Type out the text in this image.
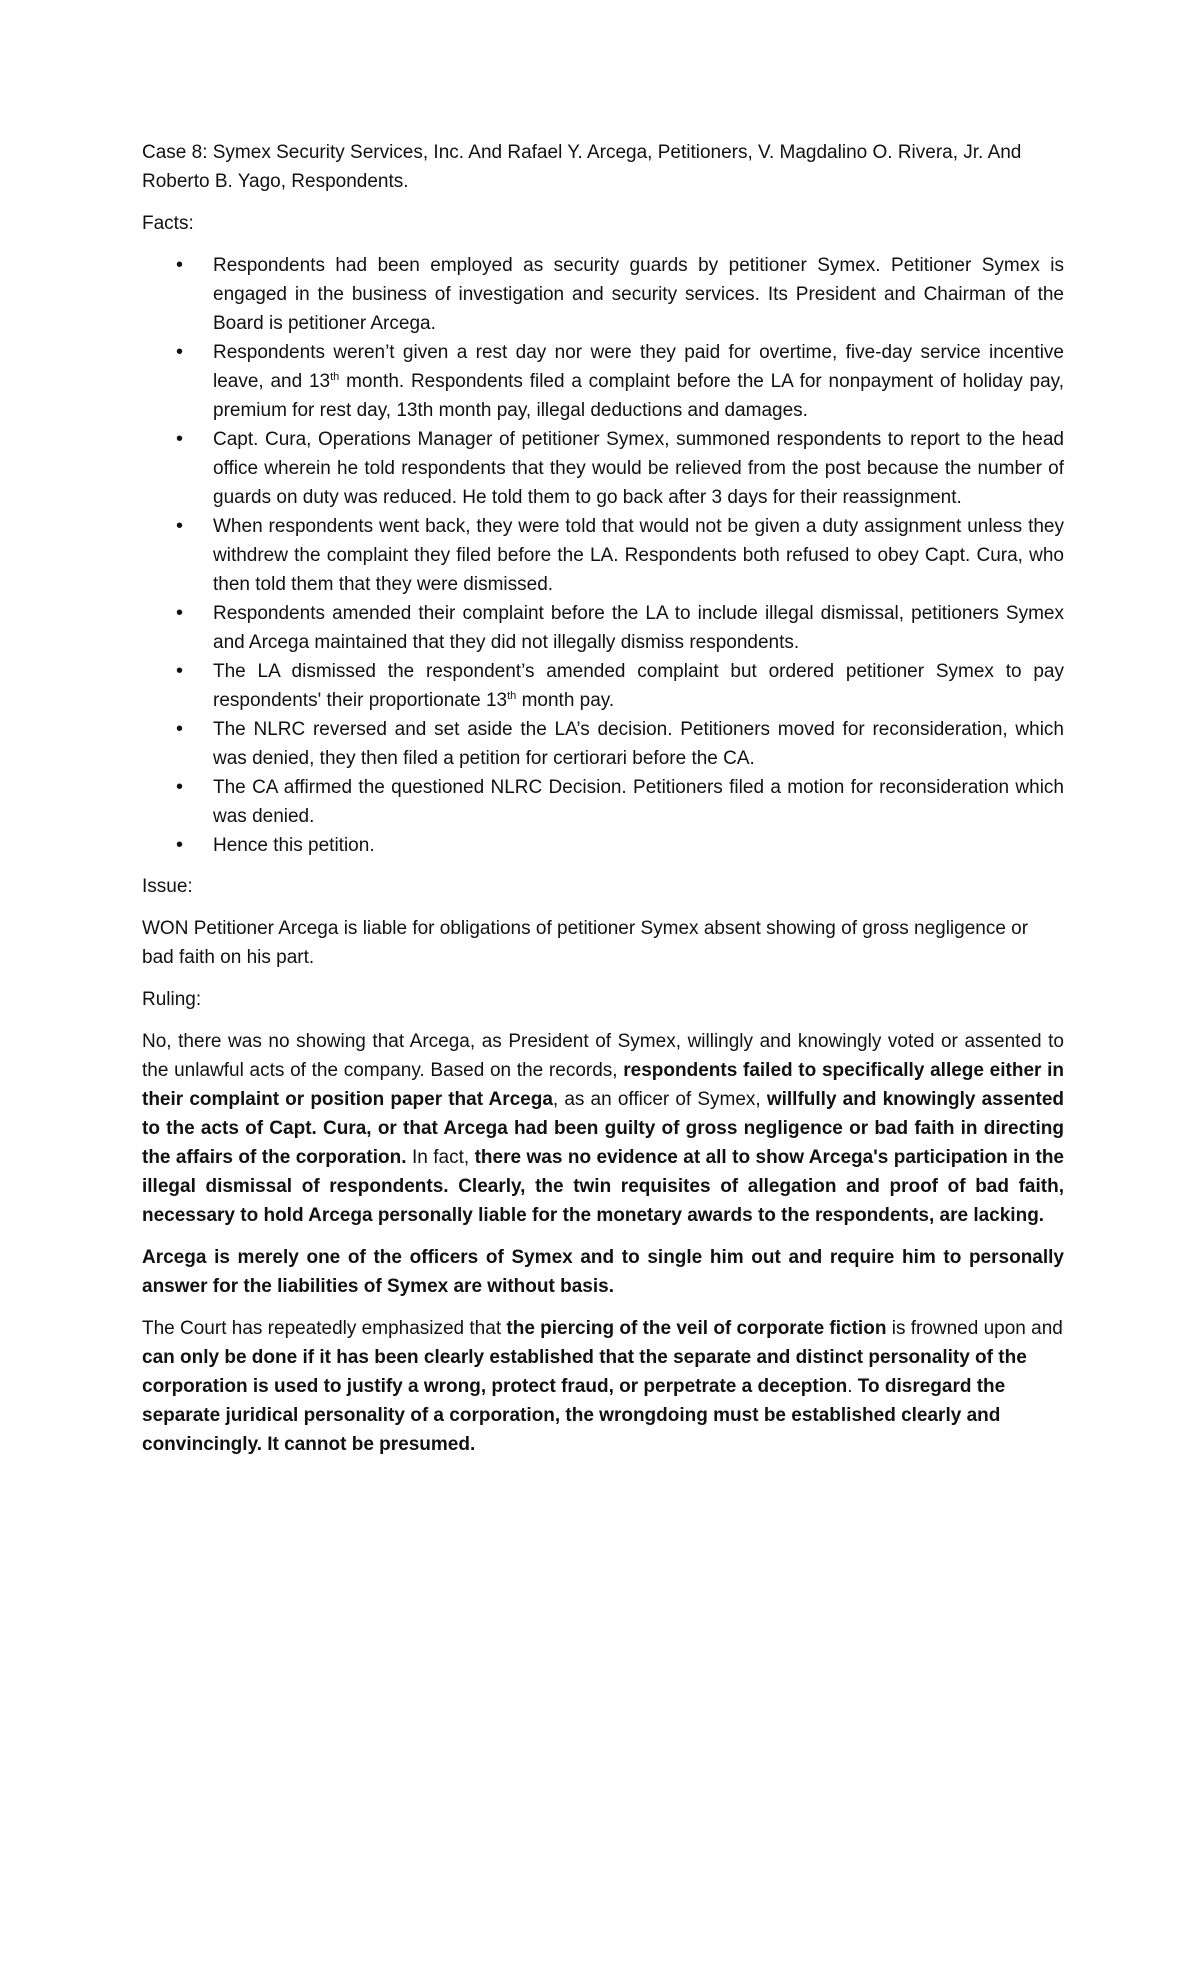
Case 8: Symex Security Services, Inc. And Rafael Y. Arcega, Petitioners, V. Magdalino O. Rivera, Jr. And Roberto B. Yago, Respondents.

Facts:
• Respondents had been employed as security guards by petitioner Symex. Petitioner Symex is engaged in the business of investigation and security services. Its President and Chairman of the Board is petitioner Arcega.
• Respondents weren’t given a rest day nor were they paid for overtime, five-day service incentive leave, and 13th month. Respondents filed a complaint before the LA for nonpayment of holiday pay, premium for rest day, 13th month pay, illegal deductions and damages.
• Capt. Cura, Operations Manager of petitioner Symex, summoned respondents to report to the head office wherein he told respondents that they would be relieved from the post because the number of guards on duty was reduced. He told them to go back after 3 days for their reassignment.
• When respondents went back, they were told that would not be given a duty assignment unless they withdrew the complaint they filed before the LA. Respondents both refused to obey Capt. Cura, who then told them that they were dismissed.
• Respondents amended their complaint before the LA to include illegal dismissal, petitioners Symex and Arcega maintained that they did not illegally dismiss respondents.
• The LA dismissed the respondent’s amended complaint but ordered petitioner Symex to pay respondents' their proportionate 13th month pay.
• The NLRC reversed and set aside the LA’s decision. Petitioners moved for reconsideration, which was denied, they then filed a petition for certiorari before the CA.
• The CA affirmed the questioned NLRC Decision. Petitioners filed a motion for reconsideration which was denied.
• Hence this petition.
Issue:

WON Petitioner Arcega is liable for obligations of petitioner Symex absent showing of gross negligence or bad faith on his part.

Ruling:

No, there was no showing that Arcega, as President of Symex, willingly and knowingly voted or assented to the unlawful acts of the company. Based on the records, respondents failed to specifically allege either in their complaint or position paper that Arcega, as an officer of Symex, willfully and knowingly assented to the acts of Capt. Cura, or that Arcega had been guilty of gross negligence or bad faith in directing the affairs of the corporation. In fact, there was no evidence at all to show Arcega's participation in the illegal dismissal of respondents. Clearly, the twin requisites of allegation and proof of bad faith, necessary to hold Arcega personally liable for the monetary awards to the respondents, are lacking.

Arcega is merely one of the officers of Symex and to single him out and require him to personally answer for the liabilities of Symex are without basis.

The Court has repeatedly emphasized that the piercing of the veil of corporate fiction is frowned upon and can only be done if it has been clearly established that the separate and distinct personality of the corporation is used to justify a wrong, protect fraud, or perpetrate a deception. To disregard the separate juridical personality of a corporation, the wrongdoing must be established clearly and convincingly. It cannot be presumed.
